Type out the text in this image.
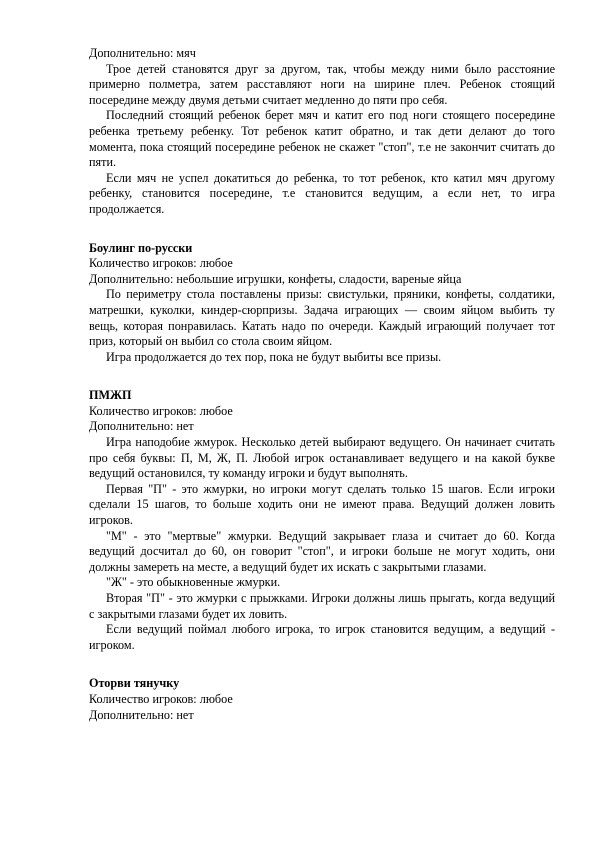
Дополнительно: мяч

Трое детей становятся друг за другом, так, чтобы между ними было расстояние примерно полметра, затем расставляют ноги на ширине плеч. Ребенок стоящий посередине между двумя детьми считает медленно до пяти про себя.

Последний стоящий ребенок берет мяч и катит его под ноги стоящего посередине ребенка третьему ребенку. Тот ребенок катит обратно, и так дети делают до того момента, пока стоящий посередине ребенок не скажет "стоп", т.е не закончит считать до пяти.

Если мяч не успел докатиться до ребенка, то тот ребенок, кто катил мяч другому ребенку, становится посередине, т.е становится ведущим, а если нет, то игра продолжается.

Боулинг по-русски

Количество игроков: любое

Дополнительно: небольшие игрушки, конфеты, сладости, вареные яйца

По периметру стола поставлены призы: свистульки, пряники, конфеты, солдатики, матрешки, куколки, киндер-сюрпризы. Задача играющих — своим яйцом выбить ту вещь, которая понравилась. Катать надо по очереди. Каждый играющий получает тот приз, который он выбил со стола своим яйцом.

Игра продолжается до тех пор, пока не будут выбиты все призы.

ПМЖП

Количество игроков: любое

Дополнительно: нет

Игра наподобие жмурок. Несколько детей выбирают ведущего. Он начинает считать про себя буквы: П, М, Ж, П. Любой игрок останавливает ведущего и на какой букве ведущий остановился, ту команду игроки и будут выполнять.

Первая "П" - это жмурки, но игроки могут сделать только 15 шагов. Если игроки сделали 15 шагов, то больше ходить они не имеют права. Ведущий должен ловить игроков.

"М" - это "мертвые" жмурки. Ведущий закрывает глаза и считает до 60. Когда ведущий досчитал до 60, он говорит "стоп", и игроки больше не могут ходить, они должны замереть на месте, а ведущий будет их искать с закрытыми глазами.

"Ж" - это обыкновенные жмурки.

Вторая "П" - это жмурки с прыжками. Игроки должны лишь прыгать, когда ведущий с закрытыми глазами будет их ловить.

Если ведущий поймал любого игрока, то игрок становится ведущим, а ведущий - игроком.

Оторви тянучку

Количество игроков: любое

Дополнительно: нет
